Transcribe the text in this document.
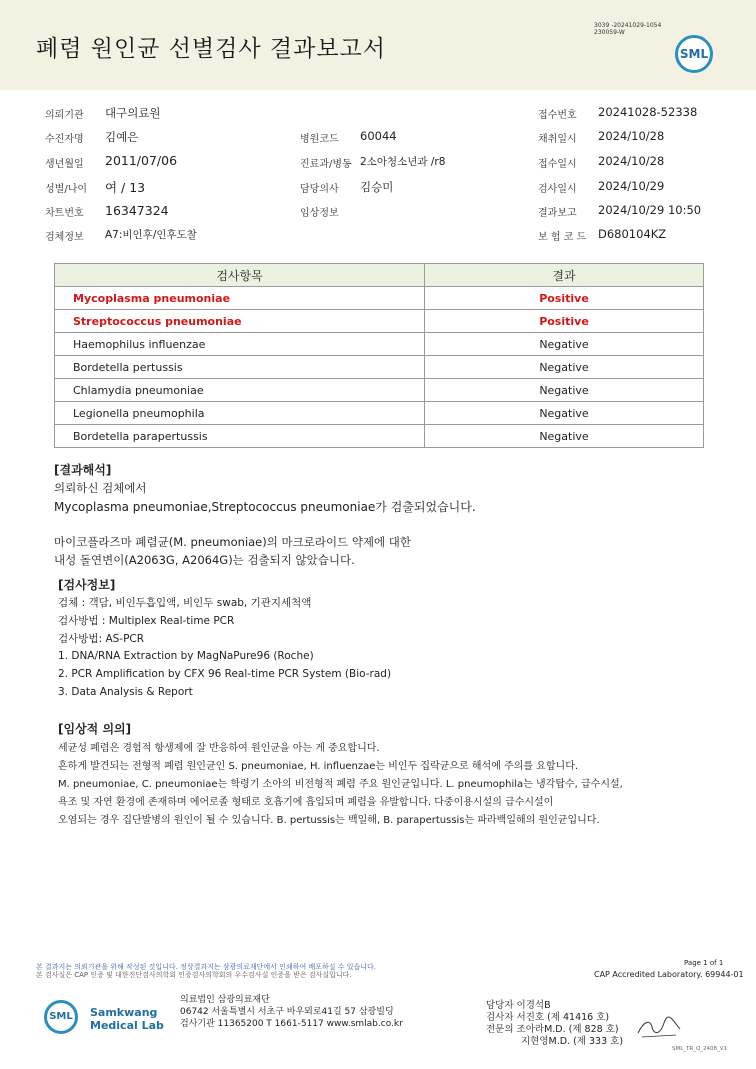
폐렴 원인균 선별검사 결과보고서
3039 -20241029-1054
230059-W
SML
의뢰기관 대구의료원	접수번호 20241028-52338
수진자명 김예은	병원코드 60044	채취일시 2024/10/28
생년월일 2011/07/06	진료과/병동 2소아청소년과 /r8	접수일시 2024/10/28
성별/나이 여 / 13	담당의사 김승미	검사일시 2024/10/29
차트번호 16347324	임상정보	결과보고 2024/10/29 10:50
검체정보 A7:비인후/인후도찰	보 험 코 드 D680104KZ
검사항목	결과
Mycoplasma pneumoniae	Positive
Streptococcus pneumoniae	Positive
Haemophilus influenzae	Negative
Bordetella pertussis	Negative
Chlamydia pneumoniae	Negative
Legionella pneumophila	Negative
Bordetella parapertussis	Negative
[결과해석]
의뢰하신 검체에서
Mycoplasma pneumoniae,Streptococcus pneumoniae가 검출되었습니다.
마이코플라즈마 폐렴균(M. pneumoniae)의 마크로라이드 약제에 대한
내성 돌연변이(A2063G, A2064G)는 검출되지 않았습니다.
[검사정보]
검체 : 객담, 비인두흡입액, 비인두 swab, 기관지세척액
검사방법 : Multiplex Real-time PCR
검사방법: AS-PCR
1. DNA/RNA Extraction by MagNaPure96 (Roche)
2. PCR Amplification by CFX 96 Real-time PCR System (Bio-rad)
3. Data Analysis & Report
[임상적 의의]
세균성 폐렴은 경험적 항생제에 잘 반응하여 원인균을 아는 게 중요합니다.
흔하게 발견되는 전형적 폐렴 원인균인 S. pneumoniae, H. influenzae는 비인두 집락균으로 해석에 주의를 요합니다.
M. pneumoniae, C. pneumoniae는 학령기 소아의 비전형적 폐렴 주요 원인균입니다. L. pneumophila는 냉각탑수, 급수시설,
욕조 및 자연 환경에 존재하며 에어로졸 형태로 호흡기에 흡입되며 폐렴을 유발합니다. 다중이용시설의 급수시설이
오염되는 경우 집단발병의 원인이 될 수 있습니다. B. pertussis는 백일해, B. parapertussis는 파라백일해의 원인균입니다.
본 결과지는 의뢰기관을 위해 작성된 것입니다. 정상결과지는 삼광의료재단에서 인쇄하여 배포하실 수 있습니다.
본 검사실은 CAP 인증 및 대한진단검사의학회 인증검사의학회의 우수검사실 인증을 받은 검사실입니다.
Page 1 of 1
CAP Accredited Laboratory. 69944-01
SML	Samkwang
Medical Lab
의료법인 삼광의료재단
06742 서울특별시 서초구 바우뫼로41길 57 삼광빌딩
검사기관 11365200 T 1661-5117 www.smlab.co.kr
담당자 이경석B
검사자 서진호 (제 41416 호)
전문의 조아라M.D. (제 828 호)
지현영M.D. (제 333 호)
SML_TR_Q_2408_V1
